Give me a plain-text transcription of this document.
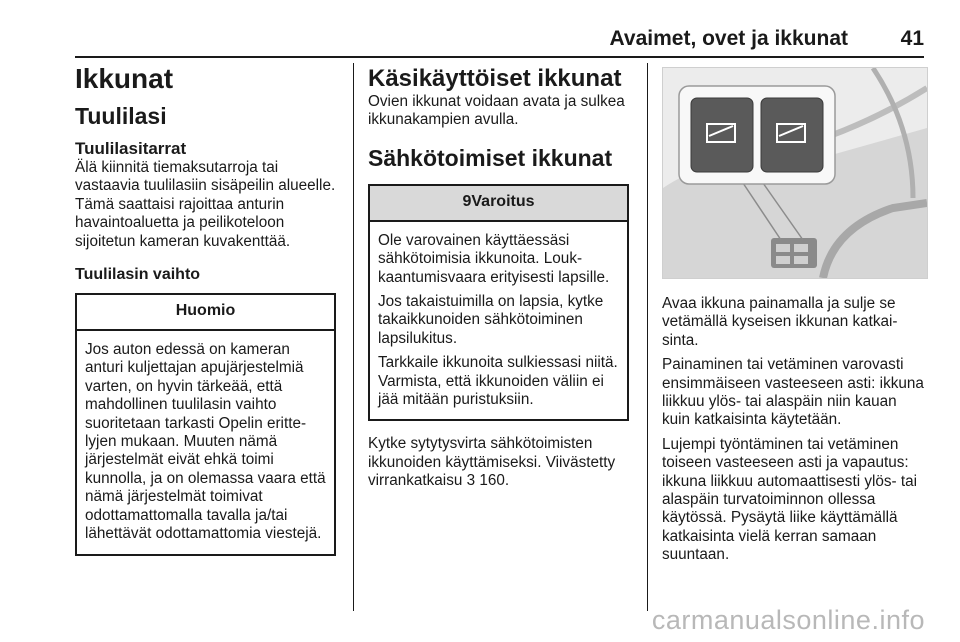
Avaimet, ovet ja ikkunat	41
Ikkunat
Tuulilasi
Tuulilasitarrat

Älä kiinnitä tiemaksutarroja tai vastaavia tuulilasiin sisäpeilin alueelle. Tämä saattaisi rajoittaa anturin havaintoaluetta ja peilikoteloon sijoitetun kameran kuvakenttää.

Tuulilasin vaihto
Huomio

Jos auton edessä on kameran anturi kuljettajan apujärjestelmiä varten, on hyvin tärkeää, että mahdollinen tuulilasin vaihto suoritetaan tarkasti Opelin erittelyjen mukaan. Muuten nämä järjestelmät eivät ehkä toimi kunnolla, ja on olemassa vaara että nämä järjestelmät toimivat odottamattomalla tavalla ja/tai lähettävät odottamattomia viestejä.

Käsikäyttöiset ikkunat

Ovien ikkunat voidaan avata ja sulkea ikkunakampien avulla.

Sähkötoimiset ikkunat
9Varoitus

Ole varovainen käyttäessäsi sähkötoimisia ikkunoita. Loukkaantumisvaara erityisesti lapsille.

Jos takaistuimilla on lapsia, kytke takaikkunoiden sähkötoiminen lapsilukitus.

Tarkkaile ikkunoita sulkiessasi niitä. Varmista, että ikkunoiden väliin ei jää mitään puristuksiin.

Kytke sytytysvirta sähkötoimisten ikkunoiden käyttämiseksi. Viivästetty virrankatkaisu 3 160.

Avaa ikkuna painamalla ja sulje se vetämällä kyseisen ikkunan katkaisinta.

Painaminen tai vetäminen varovasti ensimmäiseen vasteeseen asti: ikkuna liikkuu ylös- tai alaspäin niin kauan kuin katkaisinta käytetään.

Lujempi työntäminen tai vetäminen toiseen vasteeseen asti ja vapautus: ikkuna liikkuu automaattisesti ylös- tai alaspäin turvatoiminnon ollessa käytössä. Pysäytä liike käyttämällä katkaisinta vielä kerran samaan suuntaan.

carmanualsonline.info
